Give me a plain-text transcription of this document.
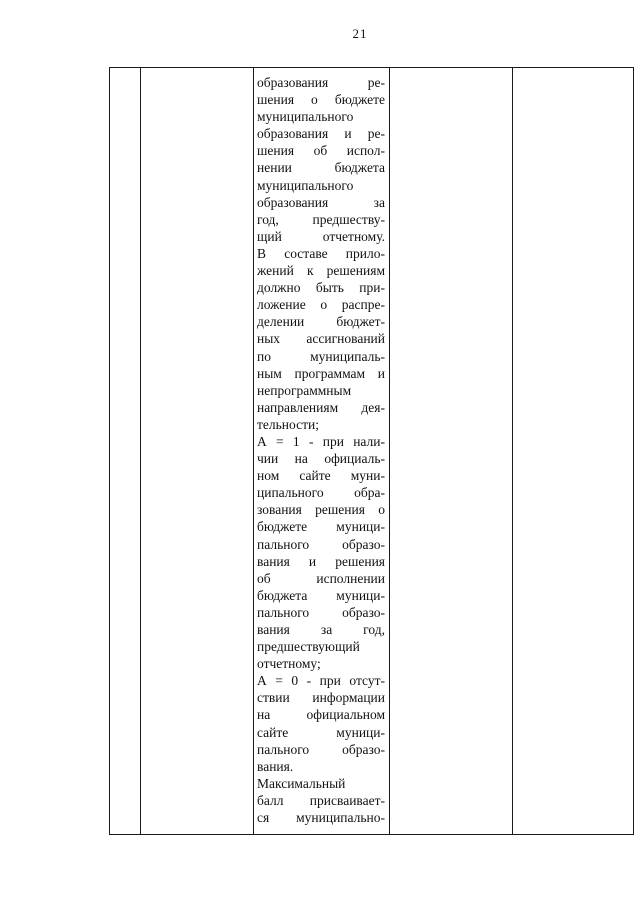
21

образования ре-
шения о бюджете
муниципального
образования и ре-
шения об испол-
нении бюджета
муниципального
образования за
год, предшеству-
щий отчетному.
В составе прило-
жений к решениям
должно быть при-
ложение о распре-
делении бюджет-
ных ассигнований
по муниципаль-
ным программам и
непрограммным
направлениям дея-
тельности;
А = 1 - при нали-
чии на официаль-
ном сайте муни-
ципального обра-
зования решения о
бюджете муници-
пального образо-
вания и решения
об исполнении
бюджета муници-
пального образо-
вания за год,
предшествующий
отчетному;
А = 0 - при отсут-
ствии информации
на официальном
сайте муници-
пального образо-
вания.
Максимальный
балл присваивает-
ся муниципально-
